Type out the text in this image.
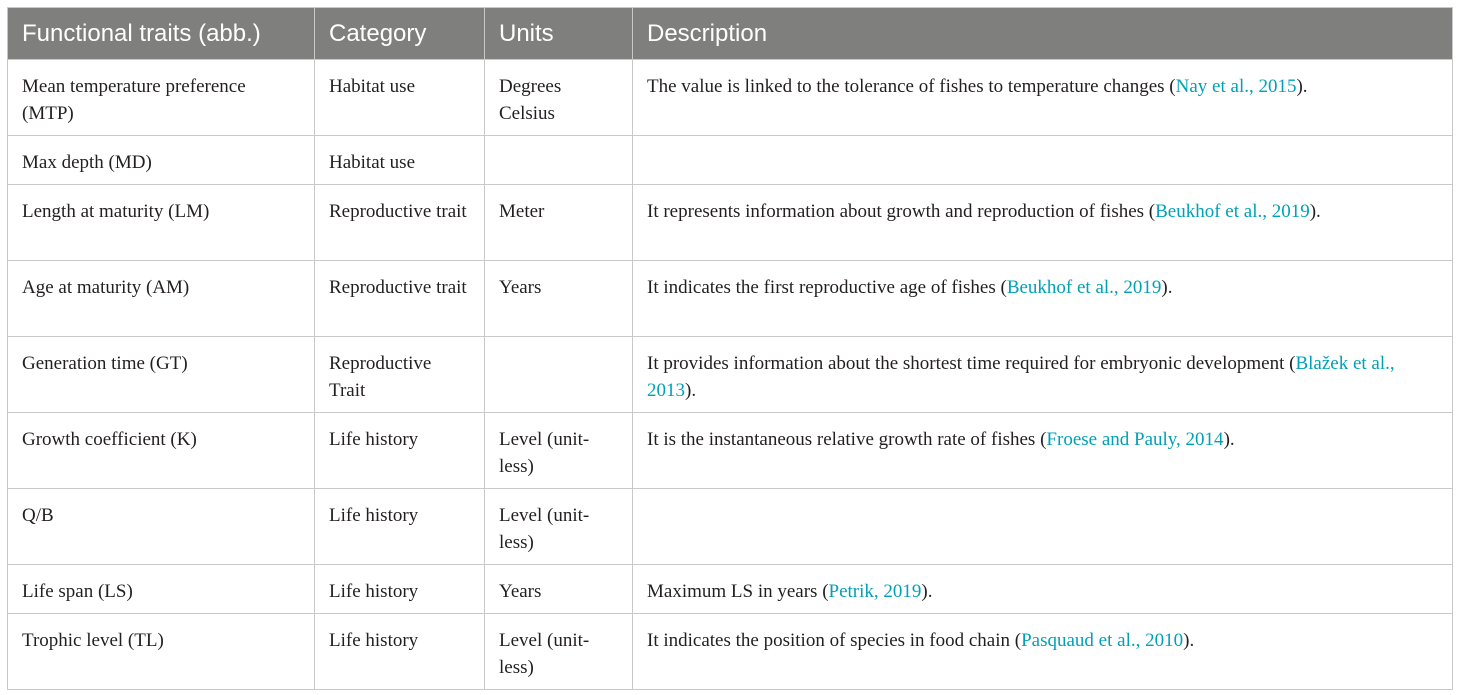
Functional traits (abb.)	Category	Units	Description
Mean temperature preference (MTP)	Habitat use	Degrees Celsius	The value is linked to the tolerance of fishes to temperature changes (Nay et al., 2015).
Max depth (MD)	Habitat use		
Length at maturity (LM)	Reproductive trait	Meter	It represents information about growth and reproduction of fishes (Beukhof et al., 2019).
Age at maturity (AM)	Reproductive trait	Years	It indicates the first reproductive age of fishes (Beukhof et al., 2019).
Generation time (GT)	Reproductive Trait		It provides information about the shortest time required for embryonic development (Blažek et al., 2013).
Growth coefficient (K)	Life history	Level (unit-less)	It is the instantaneous relative growth rate of fishes (Froese and Pauly, 2014).
Q/B	Life history	Level (unit-less)	
Life span (LS)	Life history	Years	Maximum LS in years (Petrik, 2019).
Trophic level (TL)	Life history	Level (unit-less)	It indicates the position of species in food chain (Pasquaud et al., 2010).
